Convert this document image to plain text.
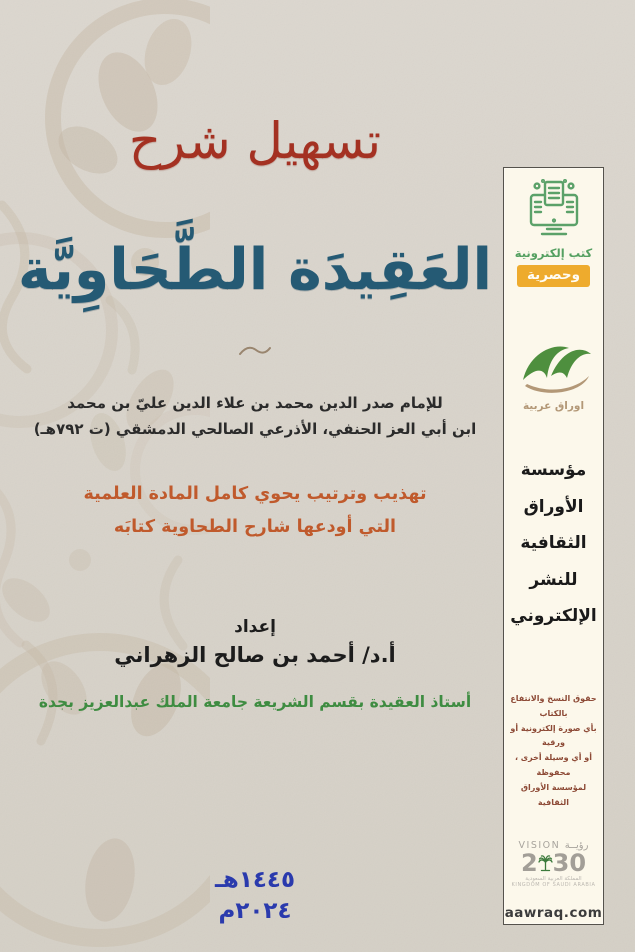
تسهيل شرح
العَقِيدَة الطَّحَاوِيَّة
للإمام صدر الدين محمد بن علاء الدين عليّ بن محمد
ابن أبي العز الحنفي، الأذرعي الصالحي الدمشقي (ت ٧٩٢هـ)
تهذيب وترتيب يحوي كامل المادة العلمية
التي أودعها شارح الطحاوية كتابَه
إعداد
أ.د/ أحمد بن صالح الزهراني
أستاذ العقيدة بقسم الشريعة جامعة الملك عبدالعزيز بجدة
١٤٤٥هـ
٢٠٢٤م
كتب إلكترونية
وحصرية
اوراق عربية
مؤسسة
الأوراق
الثقافية
للنشر
الإلكتروني
حقوق النسخ والانتفاع بالكتاب
بأي صورة إلكترونية أو ورقية
أو أي وسيلة أخرى ، محفوظة
لمؤسسة الأوراق الثقافية
VISION رؤيــة
2 30
المملكة العربية السعودية
KINGDOM OF SAUDI ARABIA
aawraq.com
